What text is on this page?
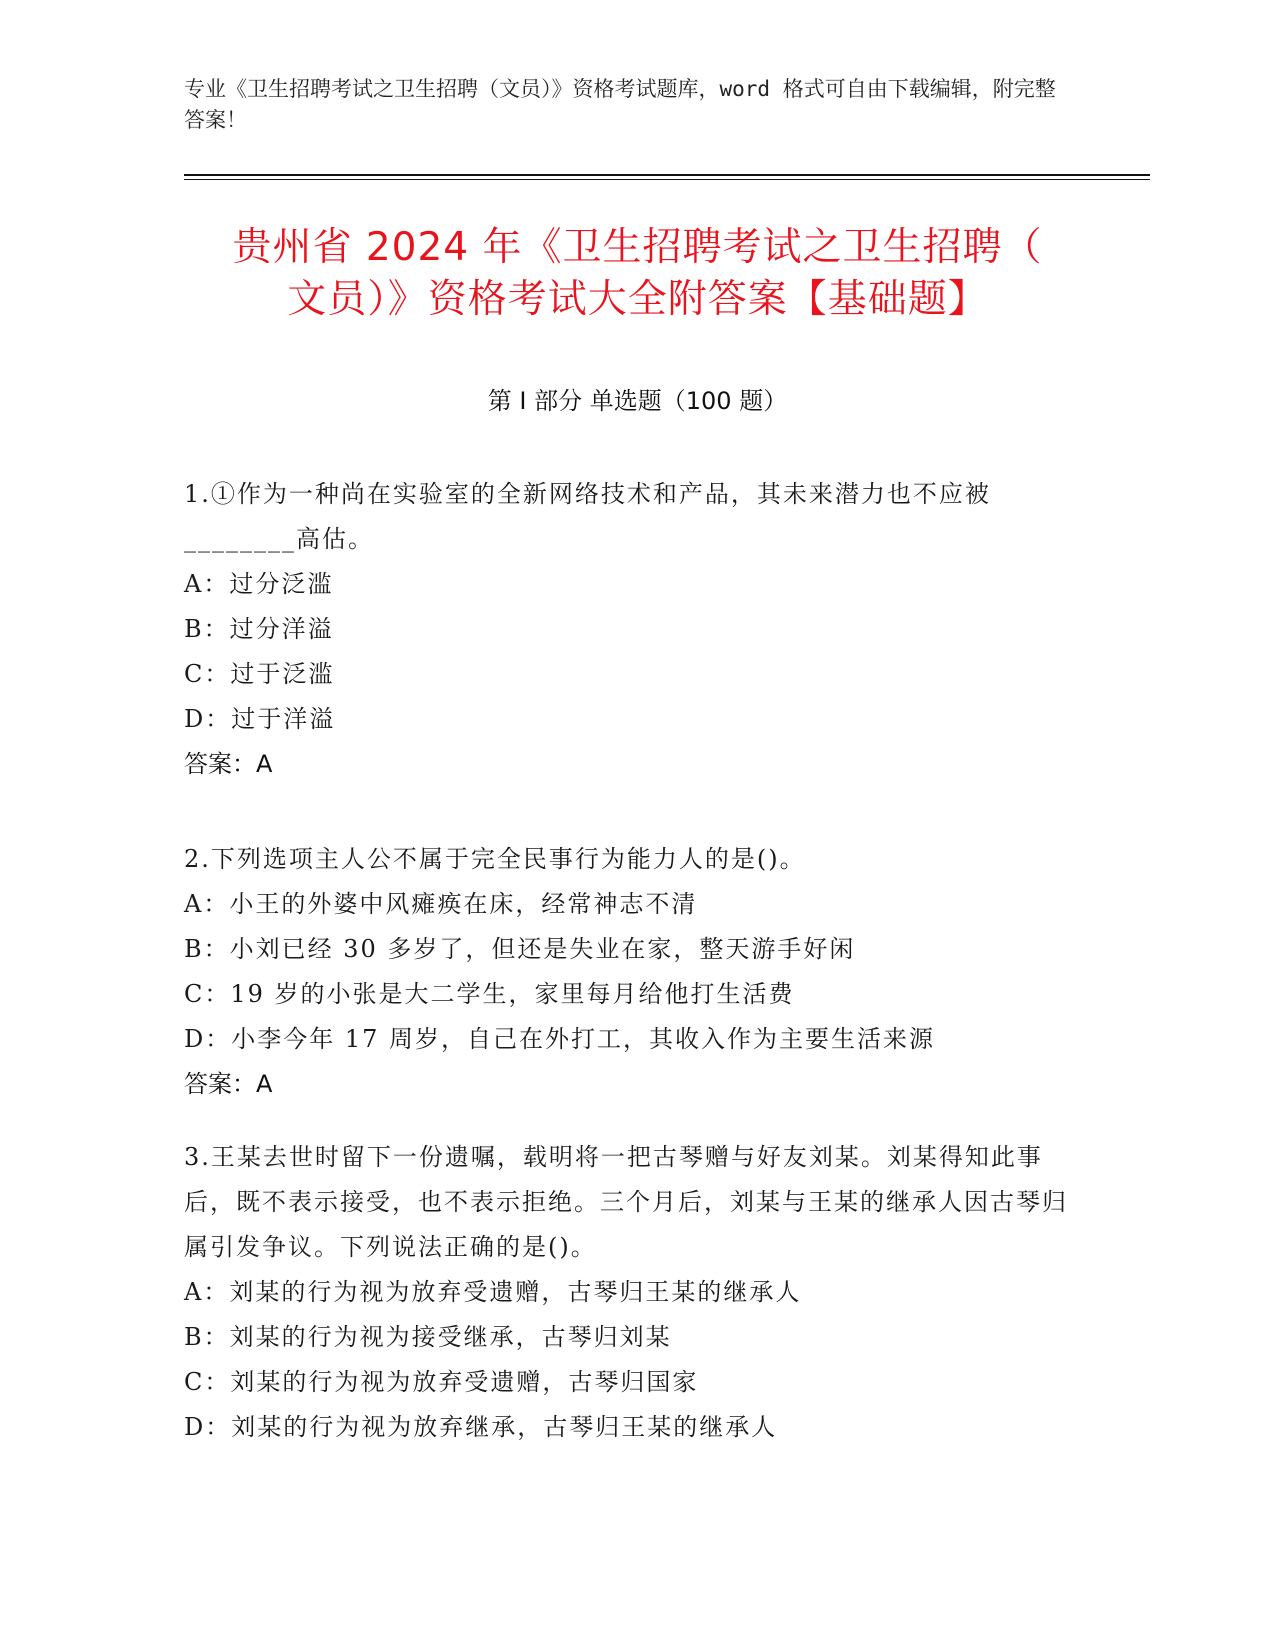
专业《卫生招聘考试之卫生招聘（文员）》资格考试题库，word 格式可自由下载编辑，附完整答案！
贵州省 2024 年《卫生招聘考试之卫生招聘（
文员）》资格考试大全附答案【基础题】
第 I 部分 单选题（100 题）
1.①作为一种尚在实验室的全新网络技术和产品，其未来潜力也不应被________高估。
A：过分泛滥
B：过分洋溢
C：过于泛滥
D：过于洋溢
答案：A
2.下列选项主人公不属于完全民事行为能力人的是()。
A：小王的外婆中风瘫痪在床，经常神志不清
B：小刘已经 30 多岁了，但还是失业在家，整天游手好闲
C：19 岁的小张是大二学生，家里每月给他打生活费
D：小李今年 17 周岁，自己在外打工，其收入作为主要生活来源
答案：A
3.王某去世时留下一份遗嘱，载明将一把古琴赠与好友刘某。刘某得知此事后，既不表示接受，也不表示拒绝。三个月后，刘某与王某的继承人因古琴归属引发争议。下列说法正确的是()。
A：刘某的行为视为放弃受遗赠，古琴归王某的继承人
B：刘某的行为视为接受继承，古琴归刘某
C：刘某的行为视为放弃受遗赠，古琴归国家
D：刘某的行为视为放弃继承，古琴归王某的继承人
